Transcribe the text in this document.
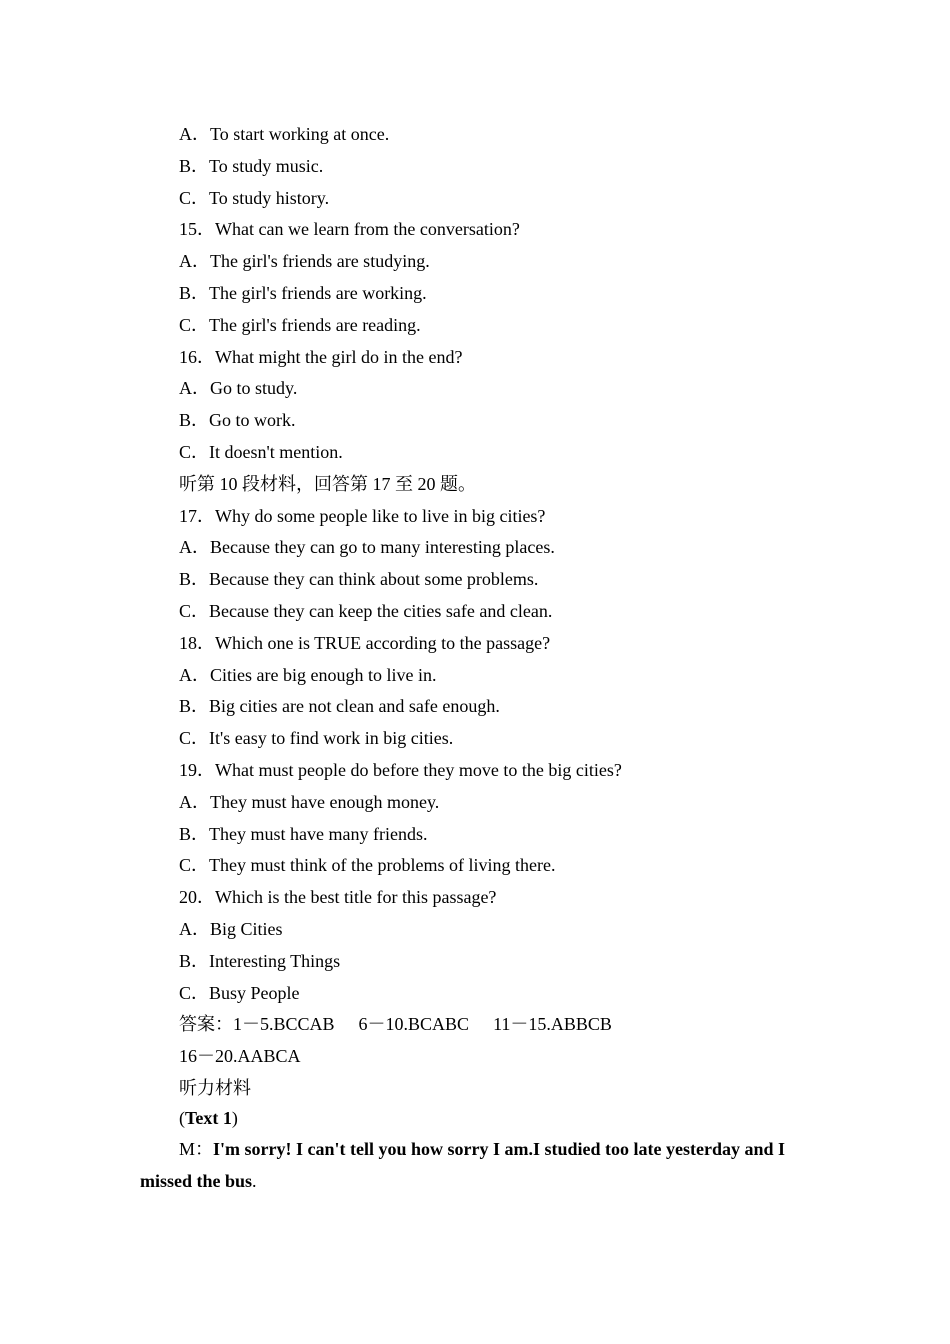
A．To start working at once.
B．To study music.
C．To study history.
15．What can we learn from the conversation?
A．The girl's friends are studying.
B．The girl's friends are working.
C．The girl's friends are reading.
16．What might the girl do in the end?
A．Go to study.
B．Go to work.
C．It doesn't mention.
听第 10 段材料，回答第 17 至 20 题。
17．Why do some people like to live in big cities?
A．Because they can go to many interesting places.
B．Because they can think about some problems.
C．Because they can keep the cities safe and clean.
18．Which one is TRUE according to the passage?
A．Cities are big enough to live in.
B．Big cities are not clean and safe enough.
C．It's easy to find work in big cities.
19．What must people do before they move to the big cities?
A．They must have enough money.
B．They must have many friends.
C．They must think of the problems of living there.
20．Which is the best title for this passage?
A．Big Cities
B．Interesting Things
C．Busy People
答案：1－5.BCCAB 6－10.BCABC 11－15.ABBCB
16－20.AABCA
听力材料
(Text 1)
M：I'm sorry! I can't tell you how sorry I am.I studied too late yesterday and I missed the bus.
